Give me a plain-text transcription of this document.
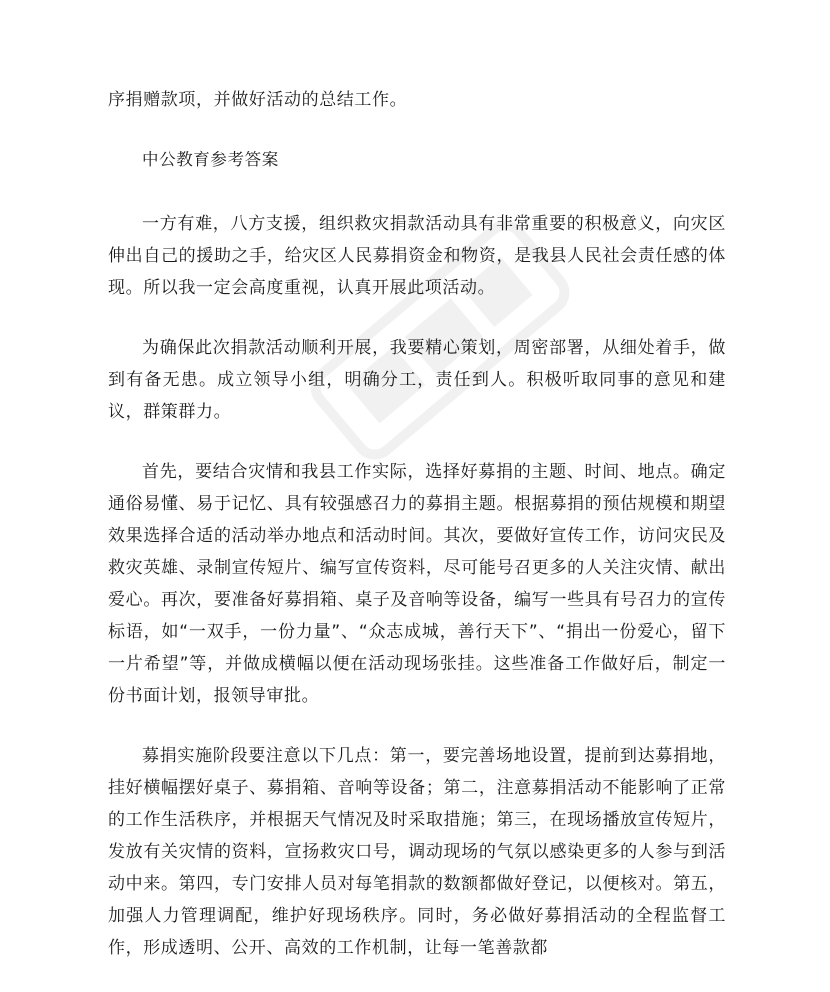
序捐赠款项，并做好活动的总结工作。

中公教育参考答案

一方有难，八方支援，组织救灾捐款活动具有非常重要的积极意义，向灾区伸出自己的援助之手，给灾区人民募捐资金和物资，是我县人民社会责任感的体现。所以我一定会高度重视，认真开展此项活动。

为确保此次捐款活动顺利开展，我要精心策划，周密部署，从细处着手，做到有备无患。成立领导小组，明确分工，责任到人。积极听取同事的意见和建议，群策群力。

首先，要结合灾情和我县工作实际，选择好募捐的主题、时间、地点。确定通俗易懂、易于记忆、具有较强感召力的募捐主题。根据募捐的预估规模和期望效果选择合适的活动举办地点和活动时间。其次，要做好宣传工作，访问灾民及救灾英雄、录制宣传短片、编写宣传资料，尽可能号召更多的人关注灾情、献出爱心。再次，要准备好募捐箱、桌子及音响等设备，编写一些具有号召力的宣传标语，如“一双手，一份力量”、“众志成城，善行天下”、“捐出一份爱心，留下一片希望”等，并做成横幅以便在活动现场张挂。这些准备工作做好后，制定一份书面计划，报领导审批。

募捐实施阶段要注意以下几点：第一，要完善场地设置，提前到达募捐地，挂好横幅摆好桌子、募捐箱、音响等设备；第二，注意募捐活动不能影响了正常的工作生活秩序，并根据天气情况及时采取措施；第三，在现场播放宣传短片，发放有关灾情的资料，宣扬救灾口号，调动现场的气氛以感染更多的人参与到活动中来。第四，专门安排人员对每笔捐款的数额都做好登记，以便核对。第五，加强人力管理调配，维护好现场秩序。同时，务必做好募捐活动的全程监督工作，形成透明、公开、高效的工作机制，让每一笔善款都
